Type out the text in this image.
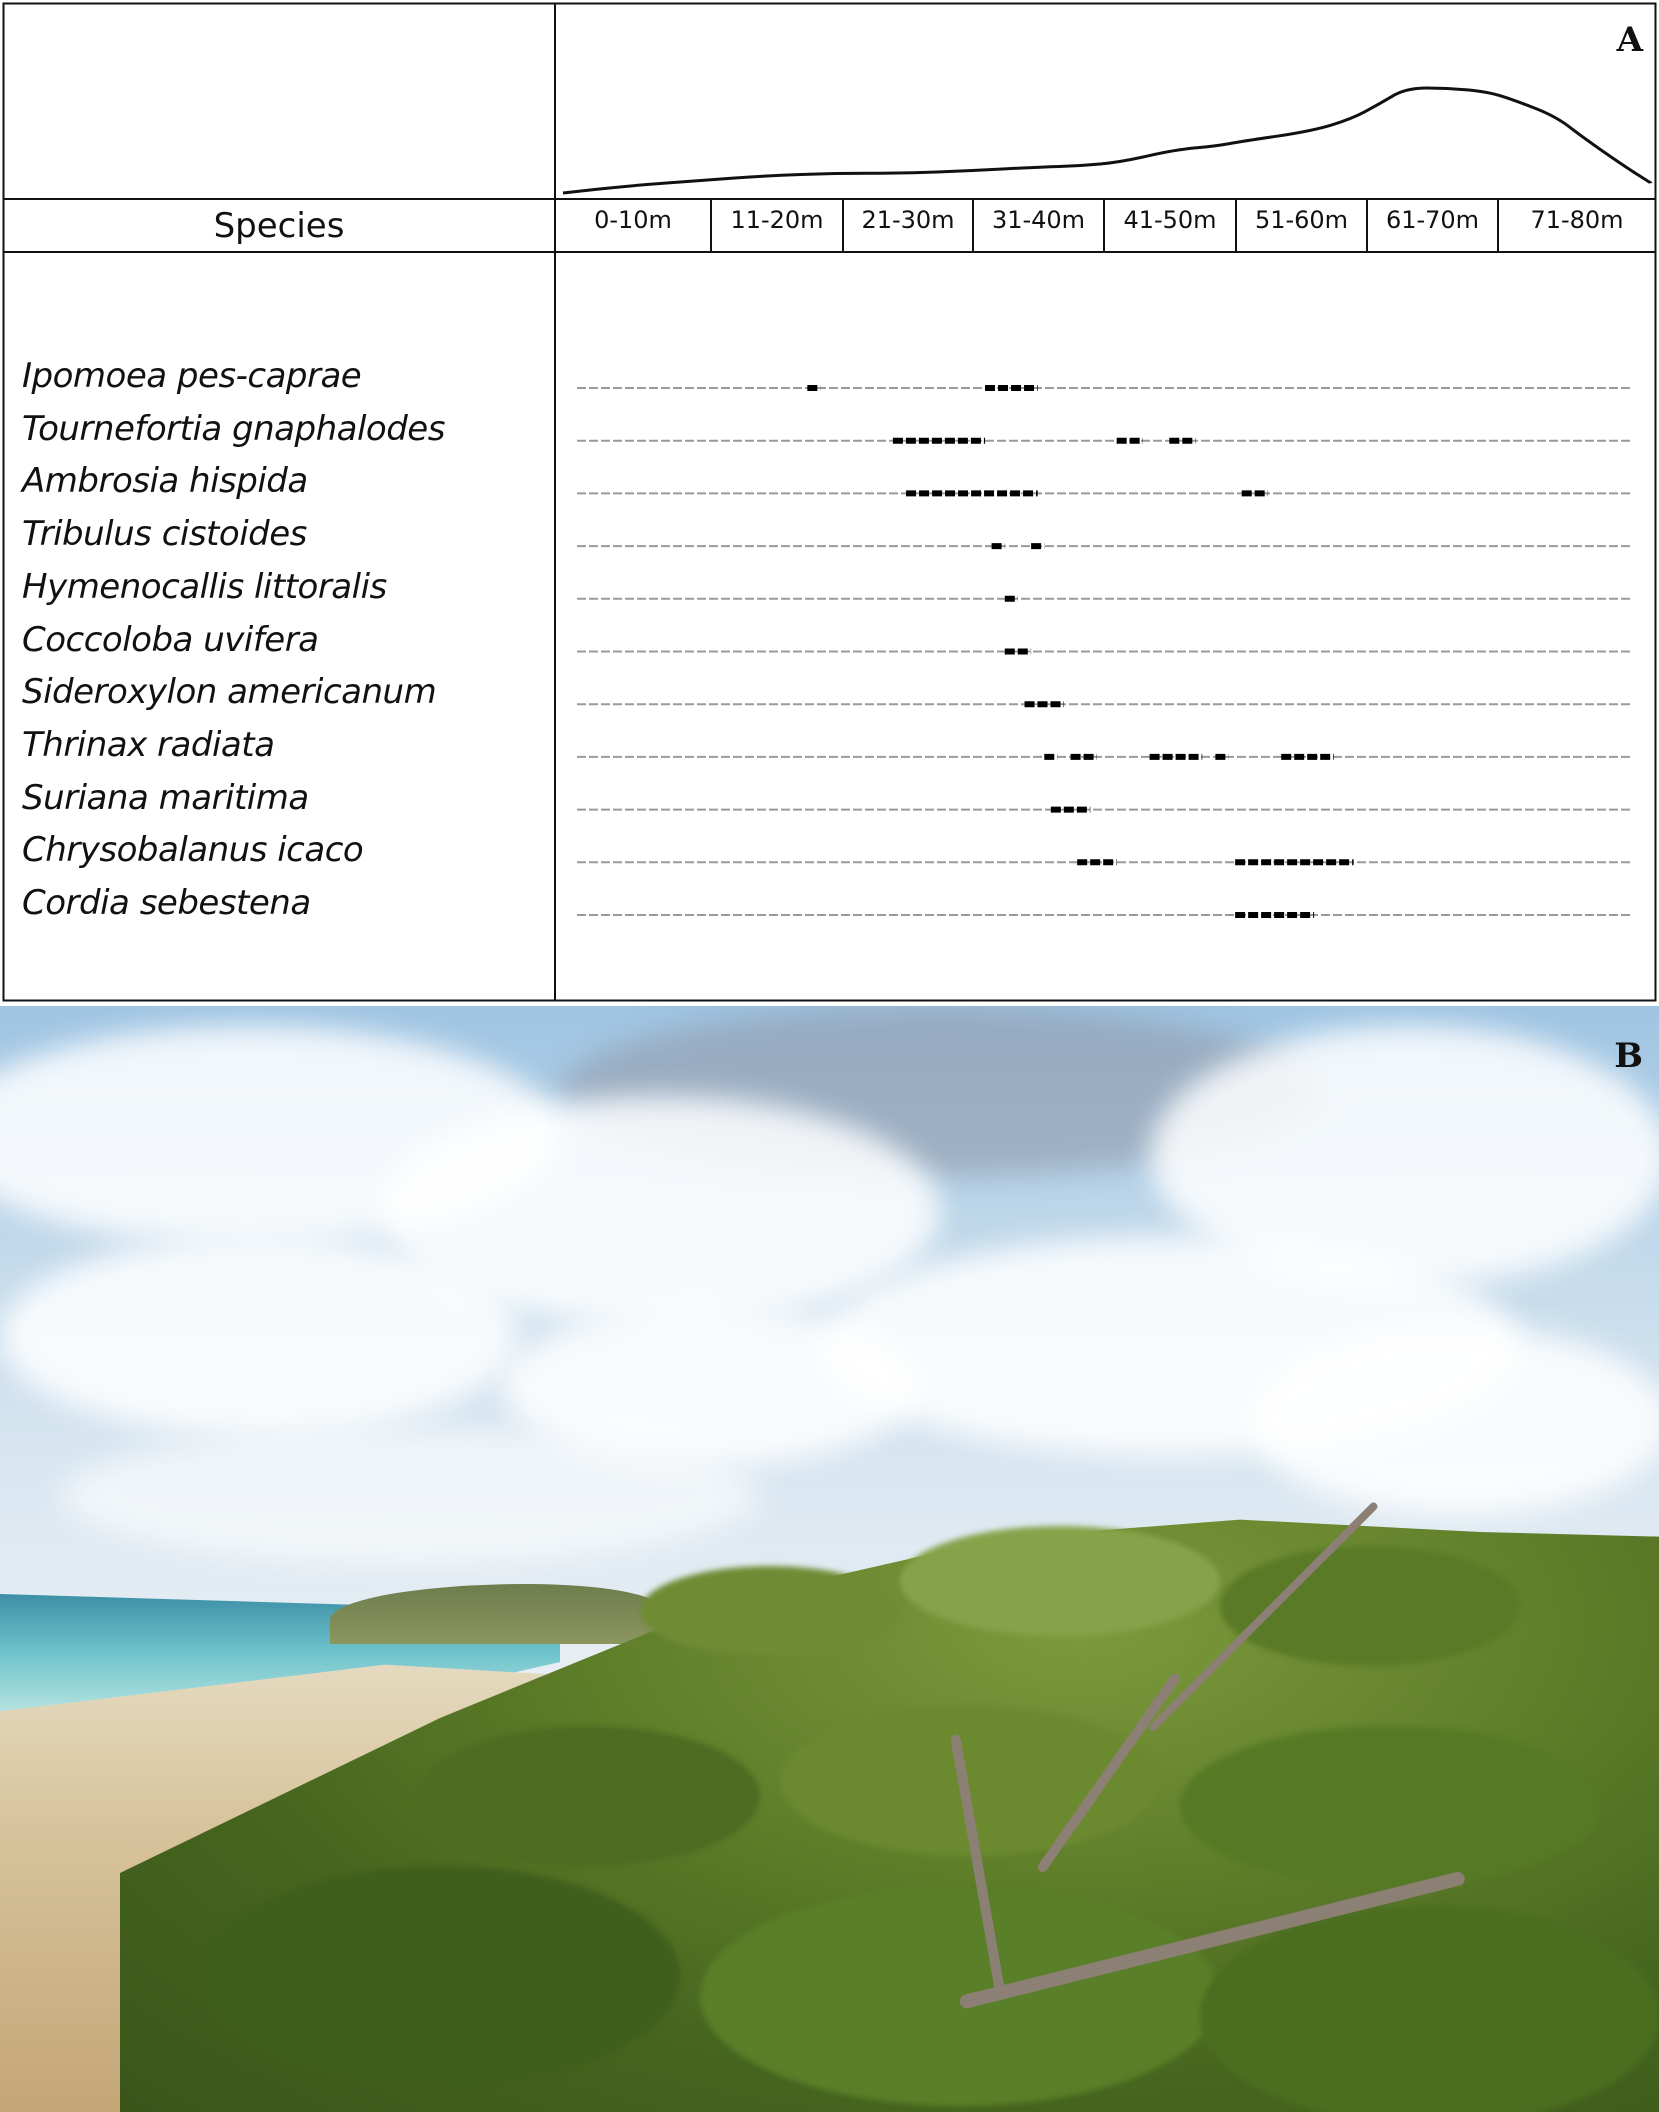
A
Species	0-10m	11-20m	21-30m	31-40m	41-50m	51-60m	61-70m	71-80m
Ipomoea pes-caprae
Tournefortia gnaphalodes
Ambrosia hispida
Tribulus cistoides
Hymenocallis littoralis
Coccoloba uvifera
Sideroxylon americanum
Thrinax radiata
Suriana maritima
Chrysobalanus icaco
Cordia sebestena
B
